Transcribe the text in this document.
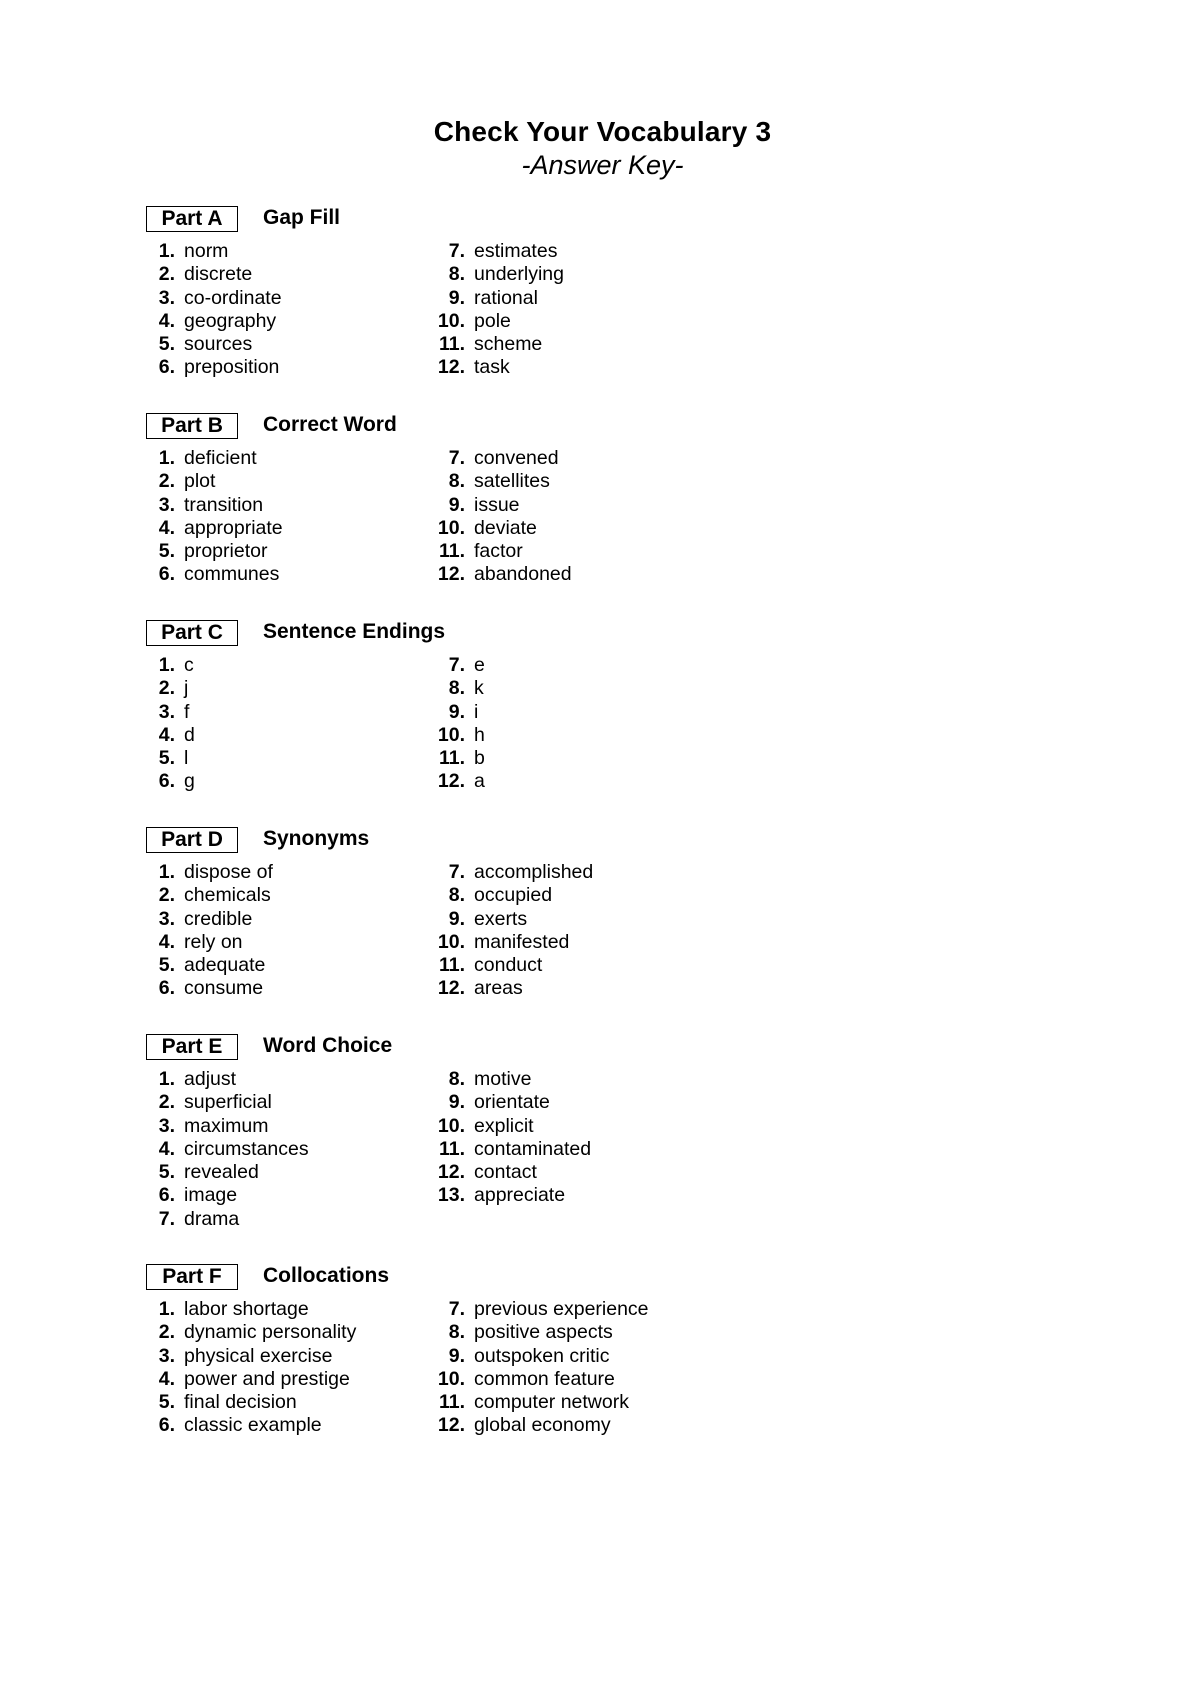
Check Your Vocabulary 3
-Answer Key-
Part A	Gap Fill
1. norm
2. discrete
3. co-ordinate
4. geography
5. sources
6. preposition
7. estimates
8. underlying
9. rational
10. pole
11. scheme
12. task
Part B	Correct Word
1. deficient
2. plot
3. transition
4. appropriate
5. proprietor
6. communes
7. convened
8. satellites
9. issue
10. deviate
11. factor
12. abandoned
Part C	Sentence Endings
1. c
2. j
3. f
4. d
5. l
6. g
7. e
8. k
9. i
10. h
11. b
12. a
Part D	Synonyms
1. dispose of
2. chemicals
3. credible
4. rely on
5. adequate
6. consume
7. accomplished
8. occupied
9. exerts
10. manifested
11. conduct
12. areas
Part E	Word Choice
1. adjust
2. superficial
3. maximum
4. circumstances
5. revealed
6. image
7. drama
8. motive
9. orientate
10. explicit
11. contaminated
12. contact
13. appreciate
Part F	Collocations
1. labor shortage
2. dynamic personality
3. physical exercise
4. power and prestige
5. final decision
6. classic example
7. previous experience
8. positive aspects
9. outspoken critic
10. common feature
11. computer network
12. global economy
